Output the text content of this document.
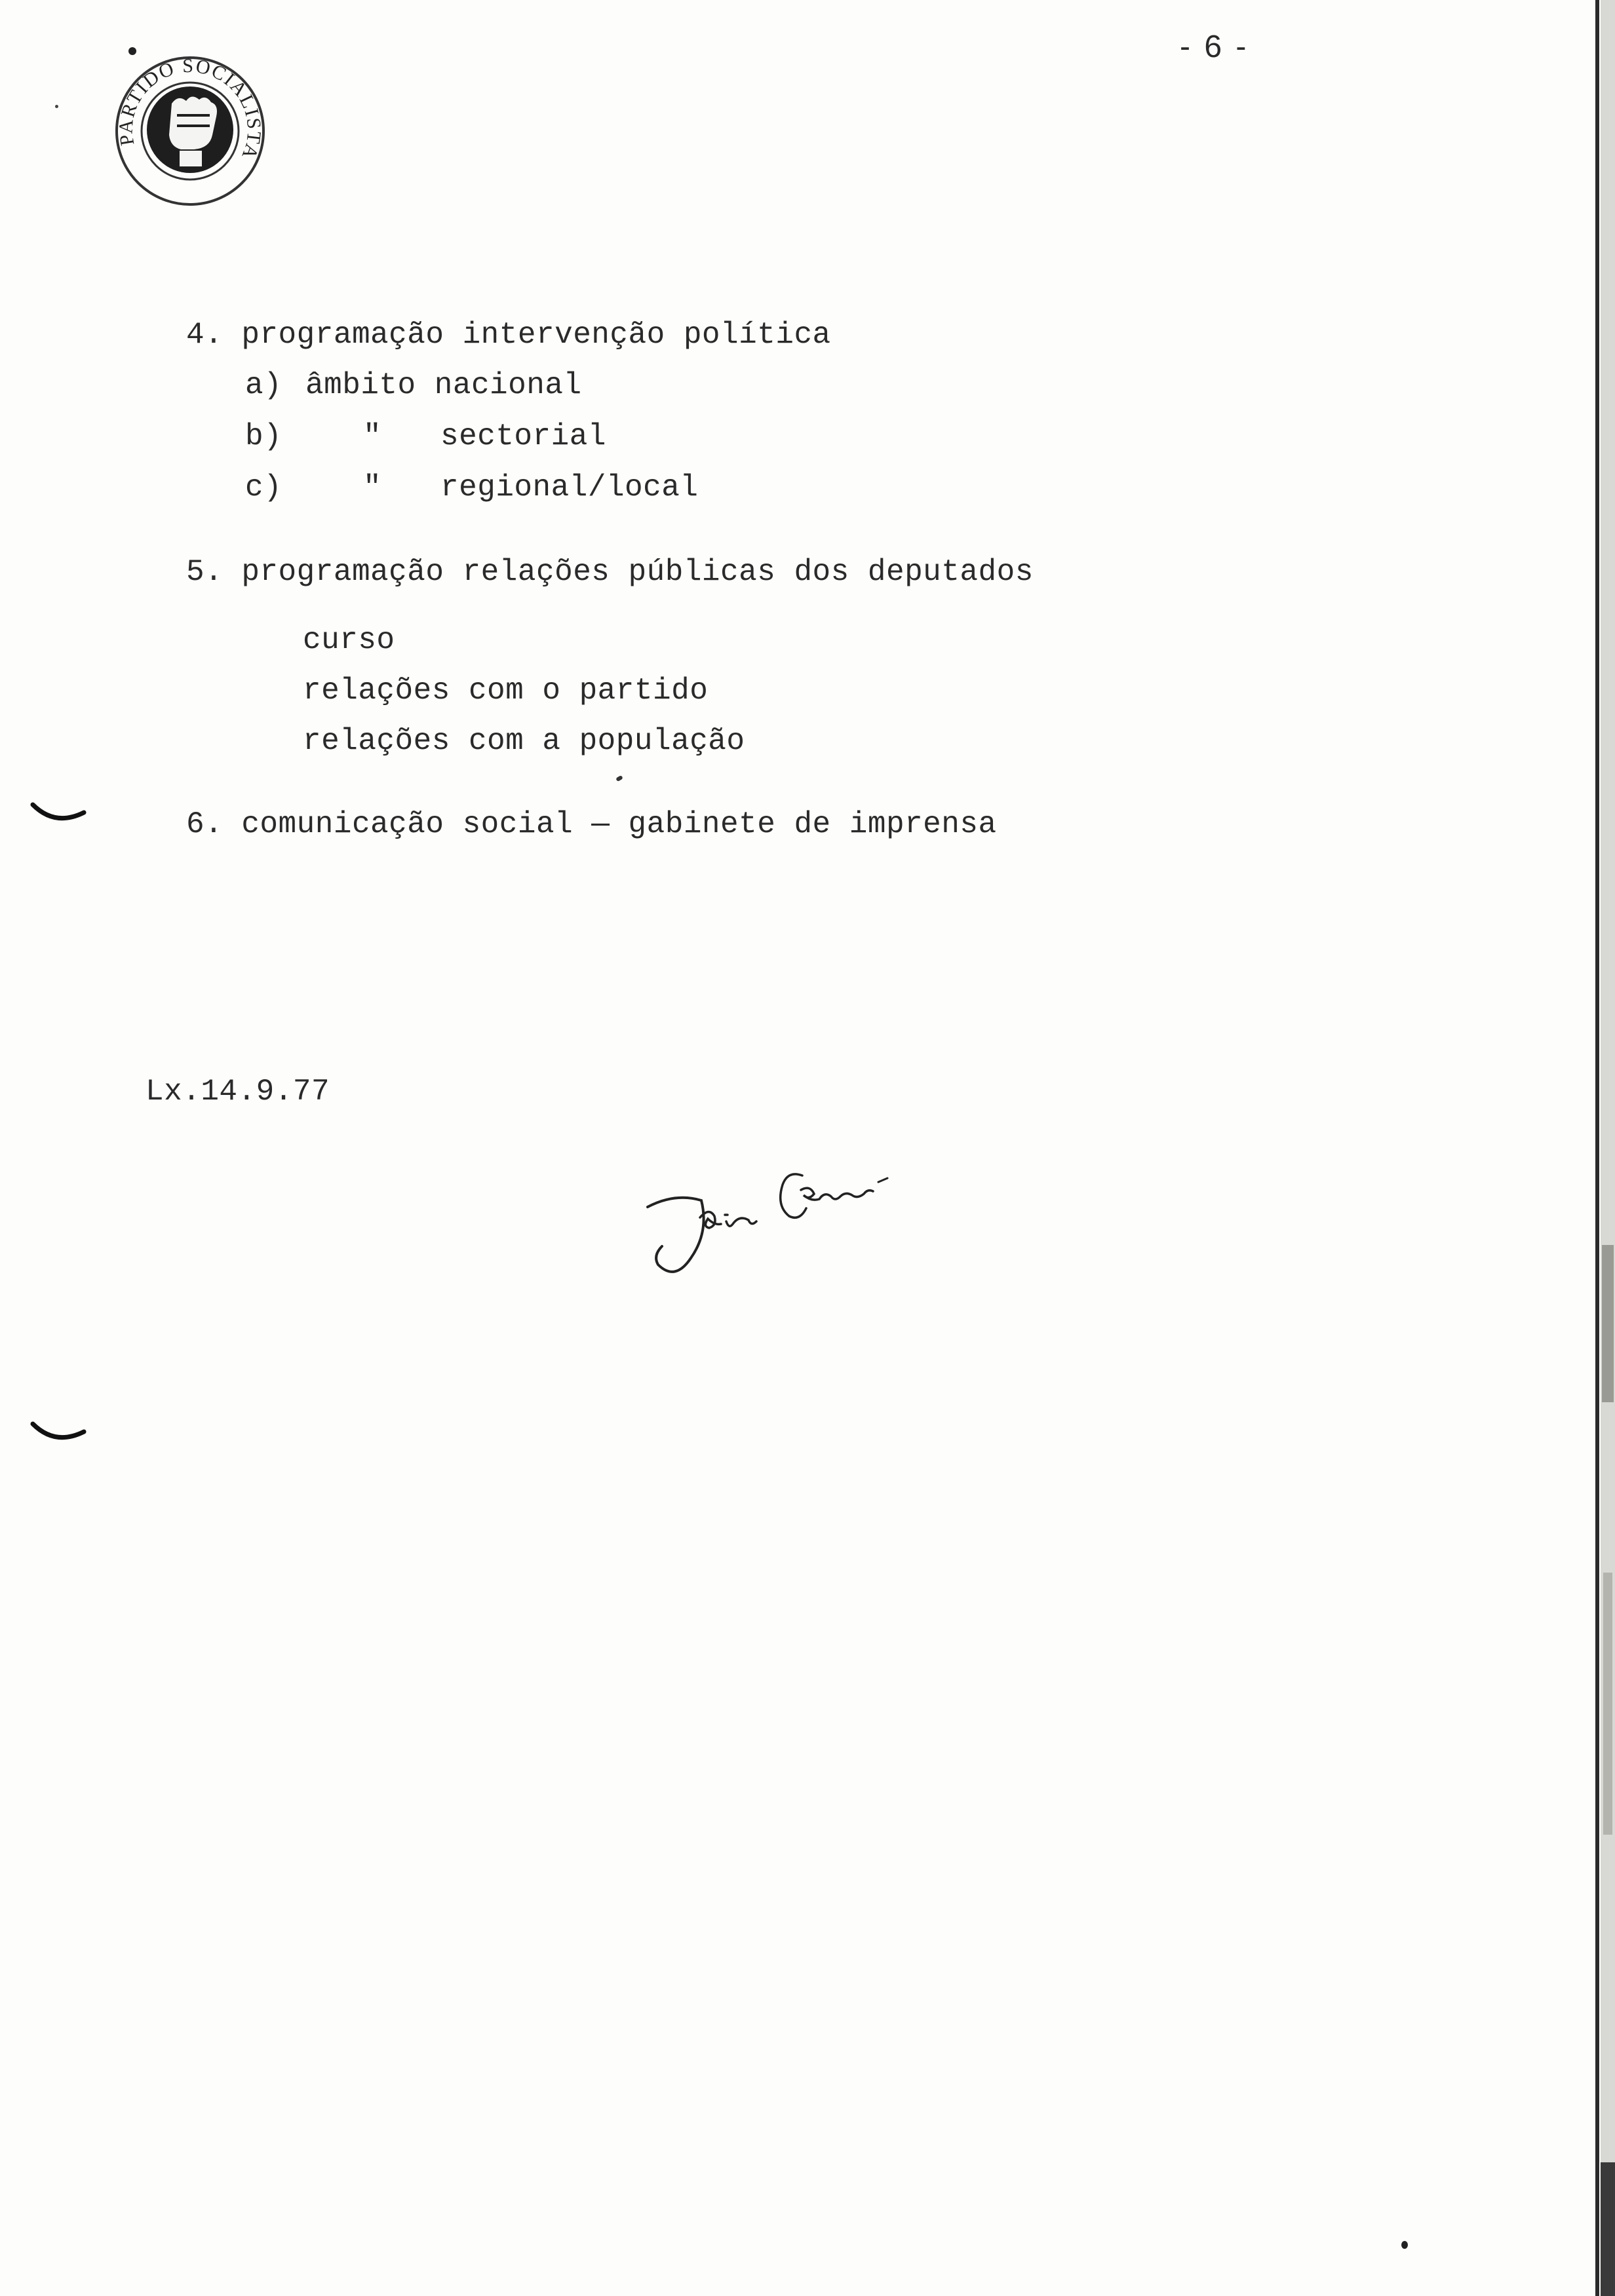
- 6 -
PARTIDO SOCIALISTA
4. programação intervenção política
a) âmbito nacional
b)	" sectorial
c)	" regional/local
5. programação relações públicas dos deputados
curso
relações com o partido
relações com a população
6. comunicação social — gabinete de imprensa
Lx.14.9.77
